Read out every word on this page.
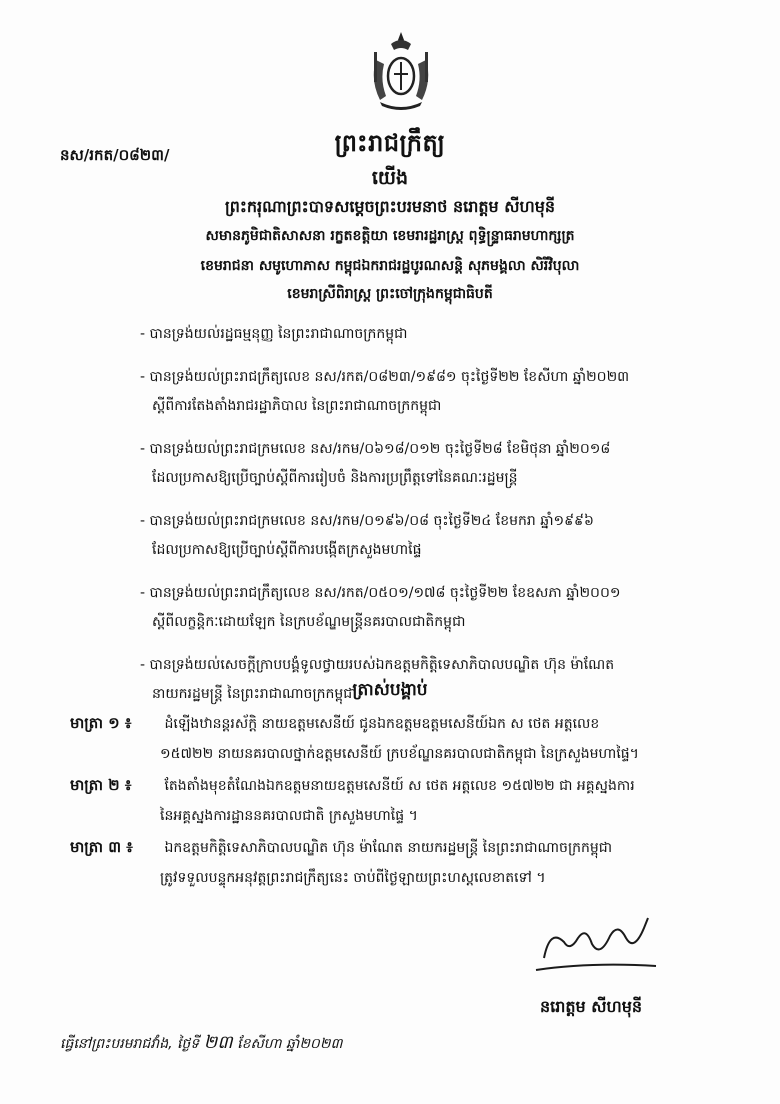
នស/រកត/០៨២៣/	ព្រះរាជក្រឹត្យ
យើង
ព្រះករុណាព្រះបាទសម្ដេចព្រះបរមនាថ នរោត្ដម សីហមុនី
សមានភូមិជាតិសាសនា រក្ខតខត្តិយា ខេមរារដ្ឋរាស្ត្រ ពុទ្ធិន្ទ្រាធរាមហាក្សត្រ
ខេមរាជនា សមូហោភាស កម្ពុជឯករាជរដ្ឋបូរណសន្ដិ សុភមង្គលា សិរីវិបុលា
ខេមរាស្រីពិរាស្ដ្រ ព្រះចៅក្រុងកម្ពុជាធិបតី
- បានទ្រង់យល់រដ្ឋធម្មនុញ្ញ នៃព្រះរាជាណាចក្រកម្ពុជា
- បានទ្រង់យល់ព្រះរាជក្រឹត្យលេខ នស/រកត/០៨២៣/១៩៨១ ចុះថ្ងៃទី២២ ខែសីហា ឆ្នាំ២០២៣
ស្ដីពីការតែងតាំងរាជរដ្ឋាភិបាល នៃព្រះរាជាណាចក្រកម្ពុជា
- បានទ្រង់យល់ព្រះរាជក្រមលេខ នស/រកម/០៦១៨/០១២ ចុះថ្ងៃទី២៨ ខែមិថុនា ឆ្នាំ២០១៨
ដែលប្រកាសឱ្យប្រើច្បាប់ស្ដីពីការរៀបចំ និងការប្រព្រឹត្តទៅនៃគណៈរដ្ឋមន្ត្រី
- បានទ្រង់យល់ព្រះរាជក្រមលេខ នស/រកម/០១៩៦/០៨ ចុះថ្ងៃទី២៤ ខែមករា ឆ្នាំ១៩៩៦
ដែលប្រកាសឱ្យប្រើច្បាប់ស្ដីពីការបង្កើតក្រសួងមហាផ្ទៃ
- បានទ្រង់យល់ព្រះរាជក្រឹត្យលេខ នស/រកត/០៥០១/១៧៨ ចុះថ្ងៃទី២២ ខែឧសភា ឆ្នាំ២០០១
ស្ដីពីលក្ខន្តិកៈដោយឡែក នៃក្របខ័ណ្ឌមន្ត្រីនគរបាលជាតិកម្ពុជា
- បានទ្រង់យល់សេចក្ដីក្រាបបង្គំទូលថ្វាយរបស់ឯកឧត្តមកិត្តិទេសាភិបាលបណ្ឌិត ហ៊ុន ម៉ាណែត
នាយករដ្ឋមន្ត្រី នៃព្រះរាជាណាចក្រកម្ពុជា
ត្រាស់បង្គាប់
មាត្រា ១ ៖ ដំឡើងឋានន្តរស័ក្តិ នាយឧត្តមសេនីយ៍ ជូនឯកឧត្តមឧត្តមសេនីយ៍ឯក ស ថេត អត្តលេខ
១៥៧២២ នាយនគរបាលថ្នាក់ឧត្តមសេនីយ៍ ក្របខ័ណ្ឌនគរបាលជាតិកម្ពុជា នៃក្រសួងមហាផ្ទៃ។
មាត្រា ២ ៖ តែងតាំងមុខតំណែងឯកឧត្តមនាយឧត្តមសេនីយ៍ ស ថេត អត្តលេខ ១៥៧២២ ជា អគ្គស្នងការ
នៃអគ្គស្នងការដ្ឋាននគរបាលជាតិ ក្រសួងមហាផ្ទៃ ។
មាត្រា ៣ ៖ ឯកឧត្តមកិត្តិទេសាភិបាលបណ្ឌិត ហ៊ុន ម៉ាណែត នាយករដ្ឋមន្ត្រី នៃព្រះរាជាណាចក្រកម្ពុជា
ត្រូវទទួលបន្ទុកអនុវត្តព្រះរាជក្រឹត្យនេះ ចាប់ពីថ្ងៃឡាយព្រះហស្តលេខាតទៅ ។
នរោត្ដម សីហមុនី
ធ្វើនៅព្រះបរមរាជវាំង, ថ្ងៃទី ២៣ ខែសីហា ឆ្នាំ២០២៣
